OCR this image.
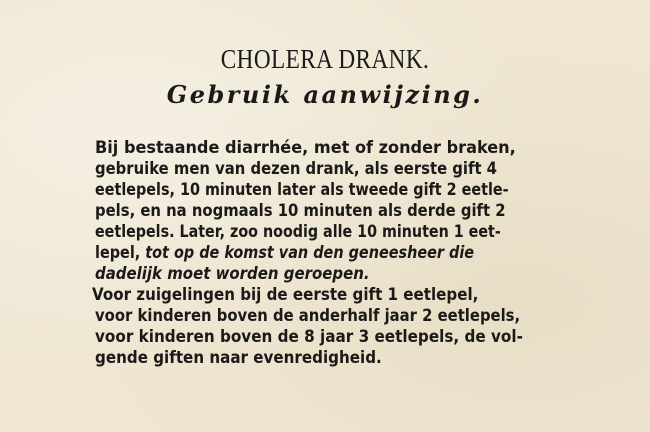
CHOLERA DRANK.
Gebruik aanwijzing.
Bij bestaande diarrhée, met of zonder braken,
gebruike men van dezen drank, als eerste gift 4
eetlepels, 10 minuten later als tweede gift 2 eetle-
pels, en na nogmaals 10 minuten als derde gift 2
eetlepels. Later, zoo noodig alle 10 minuten 1 eet-
lepel, tot op de komst van den geneesheer die
dadelijk moet worden geroepen.
Voor zuigelingen bij de eerste gift 1 eetlepel,
voor kinderen boven de anderhalf jaar 2 eetlepels,
voor kinderen boven de 8 jaar 3 eetlepels, de vol-
gende giften naar evenredigheid.
